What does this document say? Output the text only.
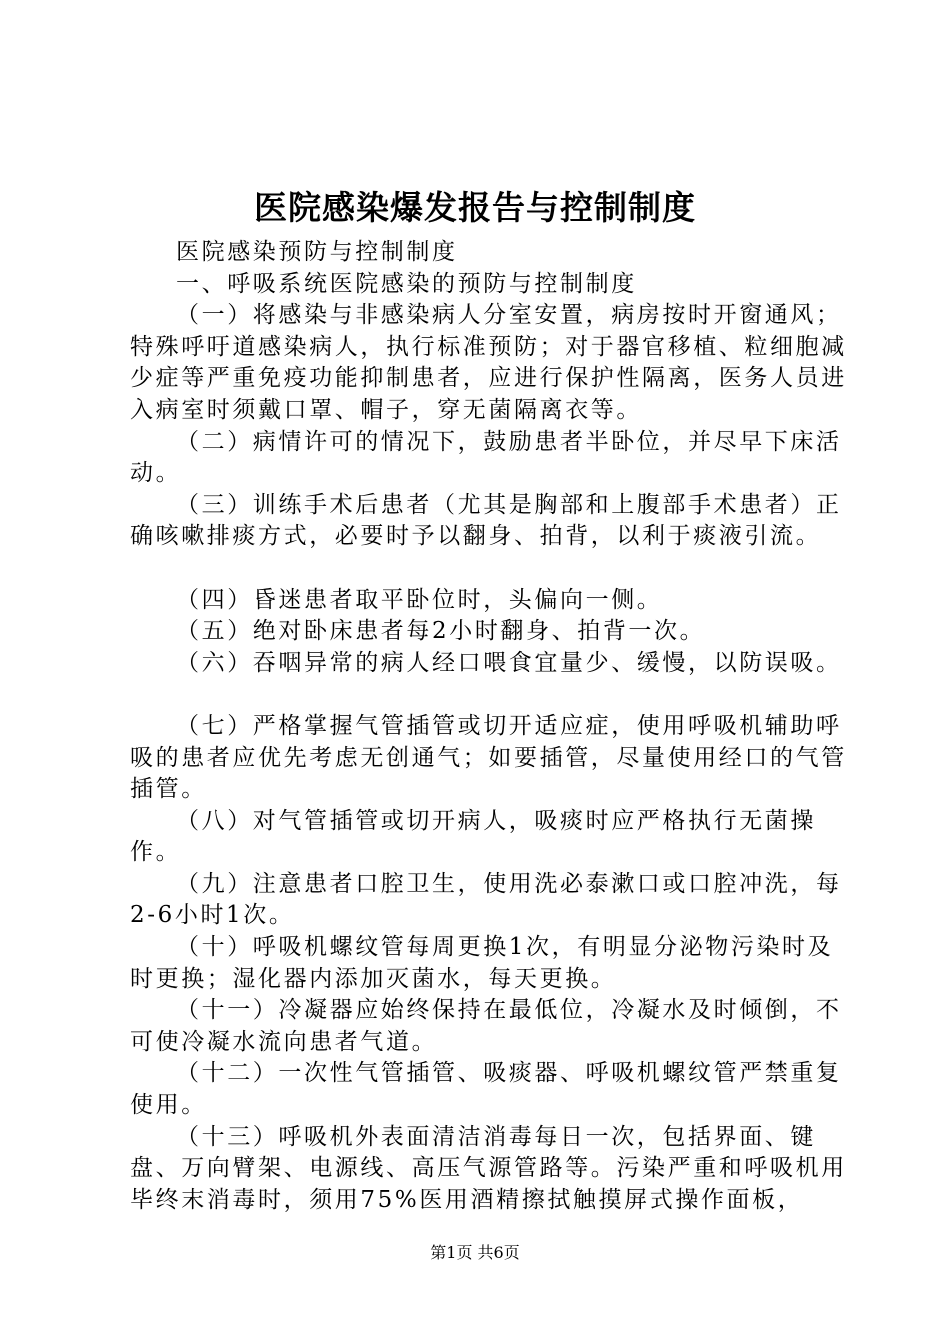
医院感染爆发报告与控制制度

医院感染预防与控制制度

一、呼吸系统医院感染的预防与控制制度

（一）将感染与非感染病人分室安置，病房按时开窗通风；特殊呼吁道感染病人，执行标准预防；对于器官移植、粒细胞减少症等严重免疫功能抑制患者，应进行保护性隔离，医务人员进入病室时须戴口罩、帽子，穿无菌隔离衣等。

（二）病情许可的情况下，鼓励患者半卧位，并尽早下床活动。

（三）训练手术后患者（尤其是胸部和上腹部手术患者）正确咳嗽排痰方式，必要时予以翻身、拍背，以利于痰液引流。

（四）昏迷患者取平卧位时，头偏向一侧。

（五）绝对卧床患者每2小时翻身、拍背一次。

（六）吞咽异常的病人经口喂食宜量少、缓慢，以防误吸。

（七）严格掌握气管插管或切开适应症，使用呼吸机辅助呼吸的患者应优先考虑无创通气；如要插管，尽量使用经口的气管插管。

（八）对气管插管或切开病人，吸痰时应严格执行无菌操作。

（九）注意患者口腔卫生，使用洗必泰漱口或口腔冲洗，每2-6小时1次。

（十）呼吸机螺纹管每周更换1次，有明显分泌物污染时及时更换；湿化器内添加灭菌水，每天更换。

（十一）冷凝器应始终保持在最低位，冷凝水及时倾倒，不可使冷凝水流向患者气道。

（十二）一次性气管插管、吸痰器、呼吸机螺纹管严禁重复使用。

（十三）呼吸机外表面清洁消毒每日一次，包括界面、键盘、万向臂架、电源线、高压气源管路等。污染严重和呼吸机用毕终末消毒时，须用75%医用酒精擦拭触摸屏式操作面板，

第1页 共6页
